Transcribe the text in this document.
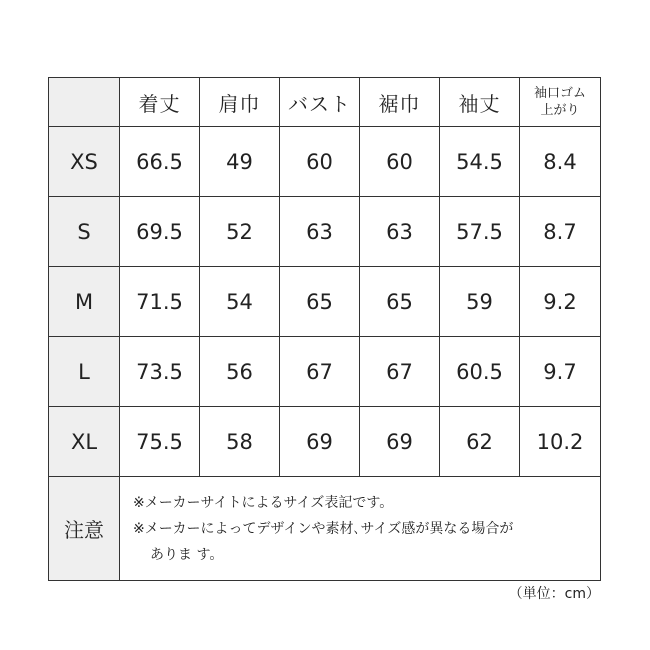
	着丈	肩巾	バスト	裾巾	袖丈	袖口ゴム
上がり

XS	66.5	49	60	60	54.5	8.4
S	69.5	52	63	63	57.5	8.7
M	71.5	54	65	65	59	9.2
L	73.5	56	67	67	60.5	9.7
XL	75.5	58	69	69	62	10.2
注意	※メーカーサイトによるサイズ表記です。
※メーカーによってデザインや素材､サイズ感が異なる場合が
ありま す。					
（単位：cm）
